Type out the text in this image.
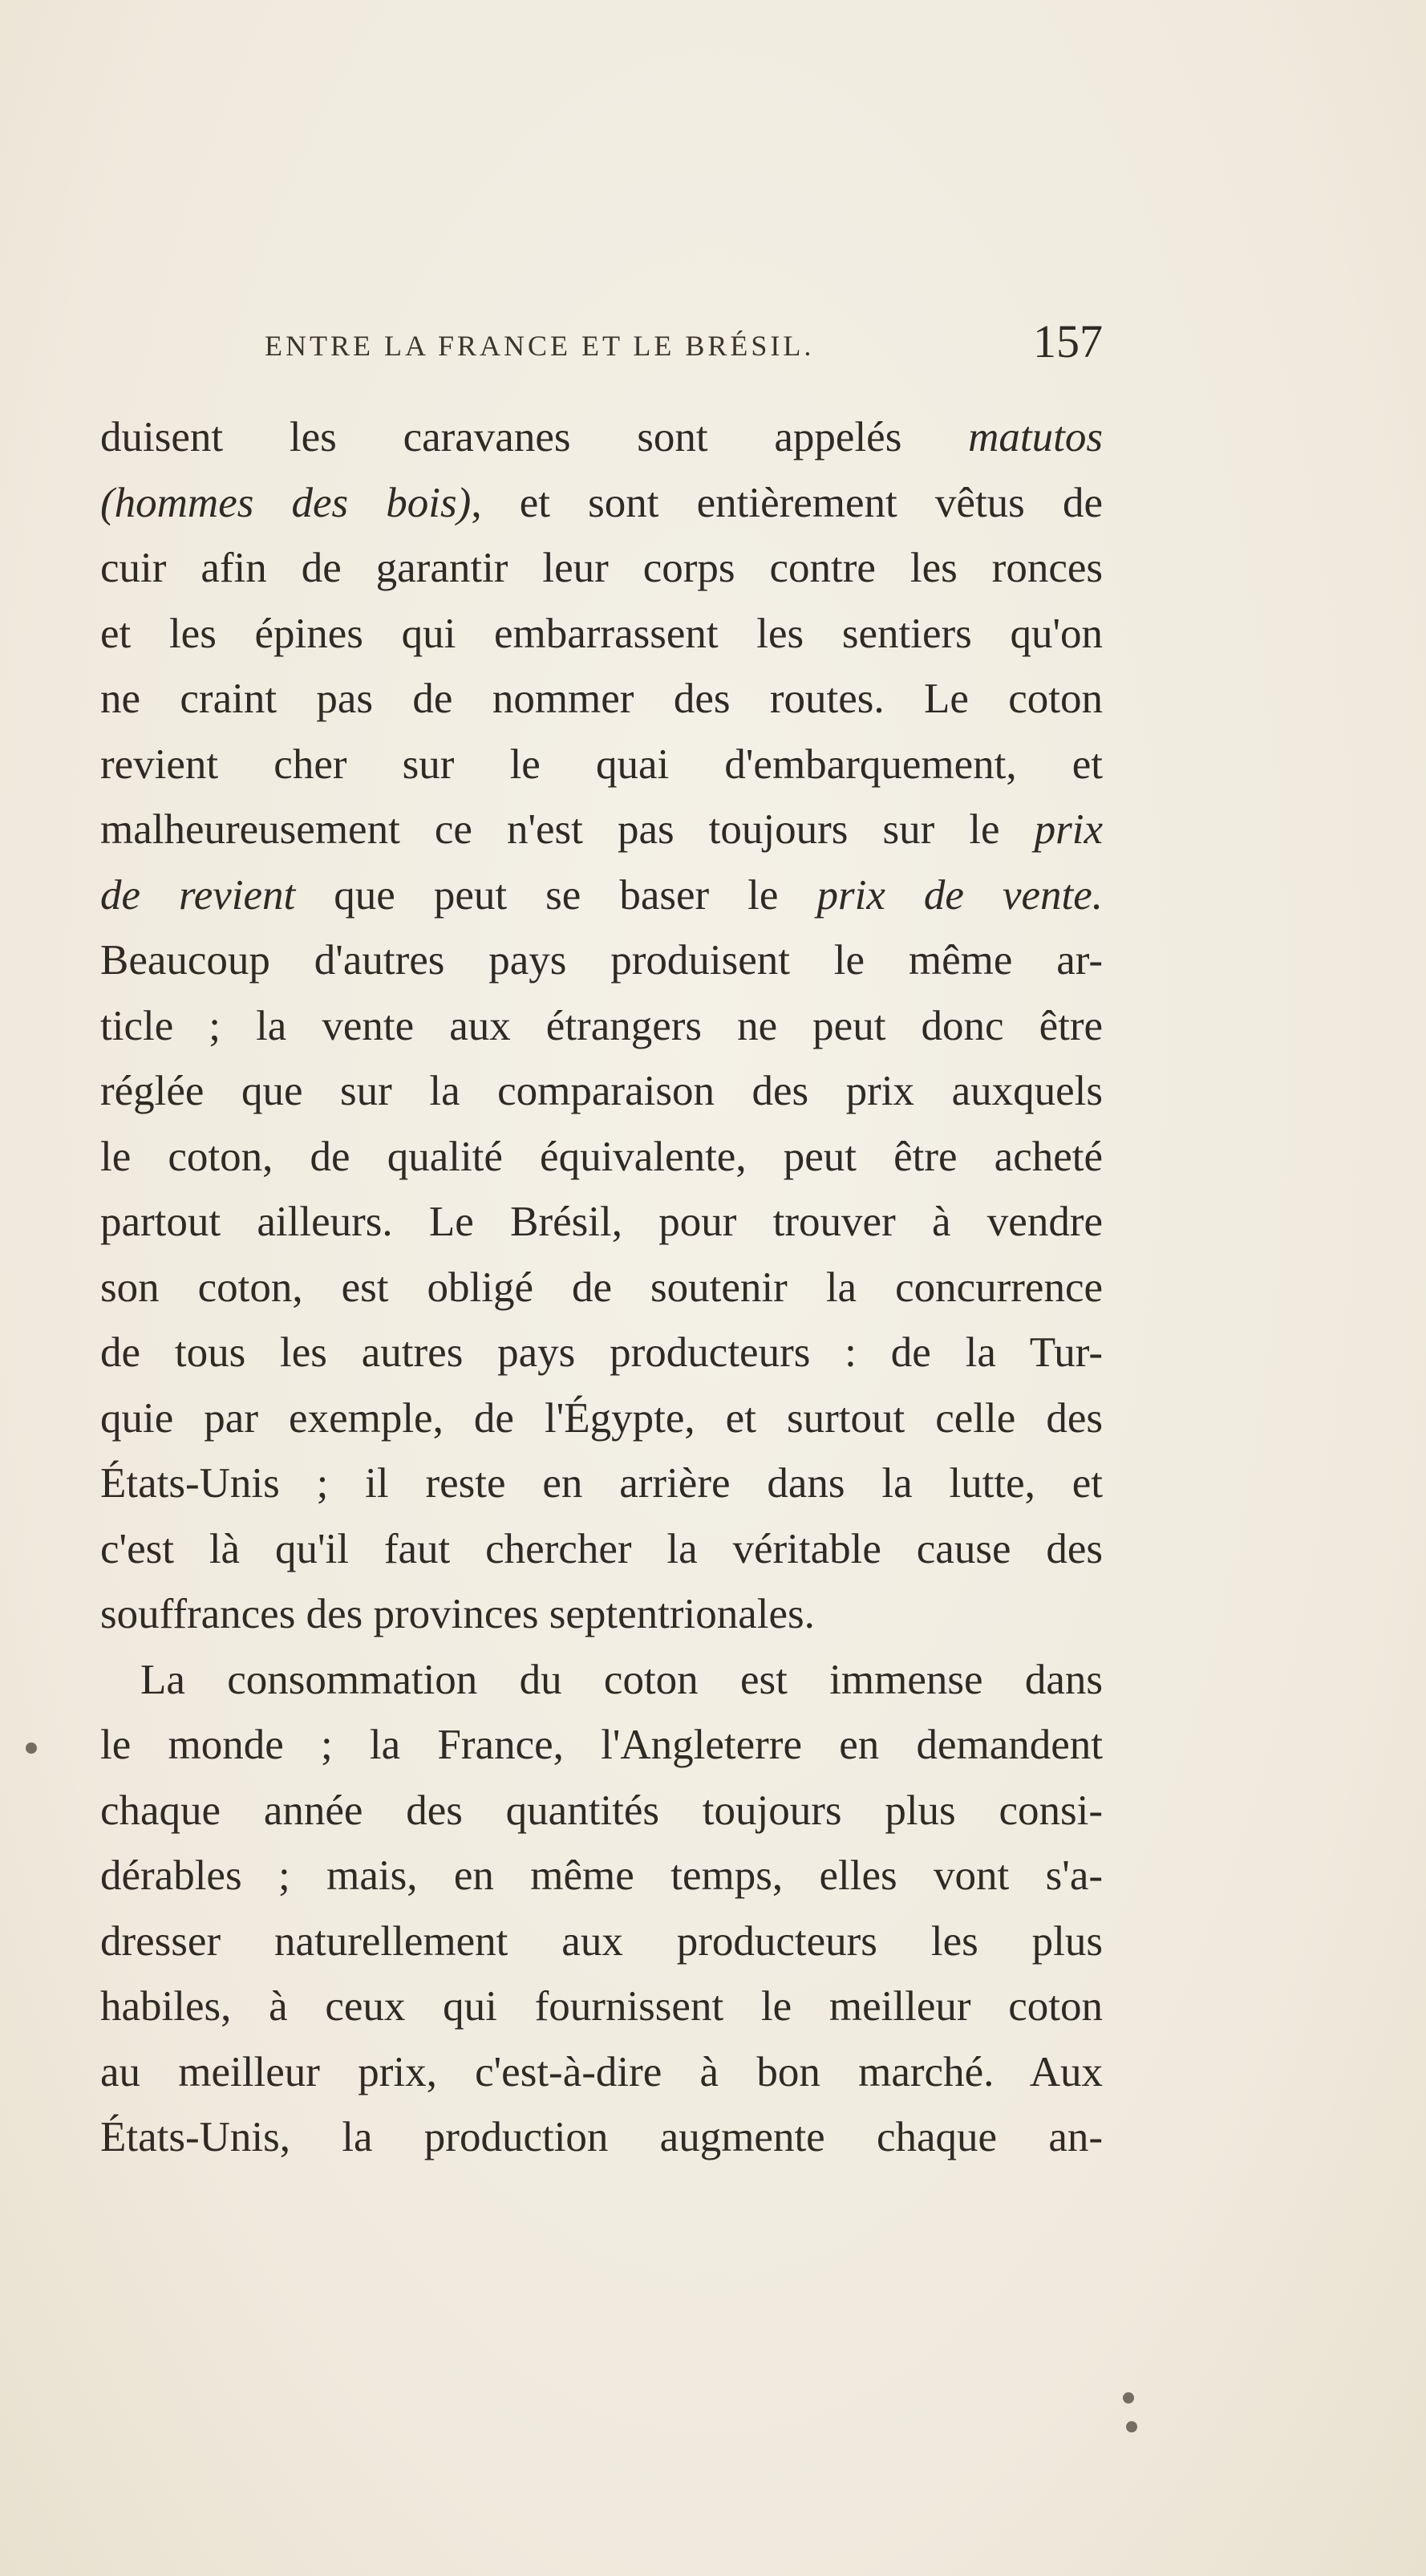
ENTRE LA FRANCE ET LE BRÉSIL.	157
duisent les caravanes sont appelés matutos
(hommes des bois), et sont entièrement vêtus de
cuir afin de garantir leur corps contre les ronces
et les épines qui embarrassent les sentiers qu'on
ne craint pas de nommer des routes. Le coton
revient cher sur le quai d'embarquement, et
malheureusement ce n'est pas toujours sur le prix
de revient que peut se baser le prix de vente.
Beaucoup d'autres pays produisent le même ar-
ticle ; la vente aux étrangers ne peut donc être
réglée que sur la comparaison des prix auxquels
le coton, de qualité équivalente, peut être acheté
partout ailleurs. Le Brésil, pour trouver à vendre
son coton, est obligé de soutenir la concurrence
de tous les autres pays producteurs : de la Tur-
quie par exemple, de l'Égypte, et surtout celle des
États-Unis ; il reste en arrière dans la lutte, et
c'est là qu'il faut chercher la véritable cause des
souffrances des provinces septentrionales.
La consommation du coton est immense dans
le monde ; la France, l'Angleterre en demandent
chaque année des quantités toujours plus consi-
dérables ; mais, en même temps, elles vont s'a-
dresser naturellement aux producteurs les plus
habiles, à ceux qui fournissent le meilleur coton
au meilleur prix, c'est-à-dire à bon marché. Aux
États-Unis, la production augmente chaque an-
